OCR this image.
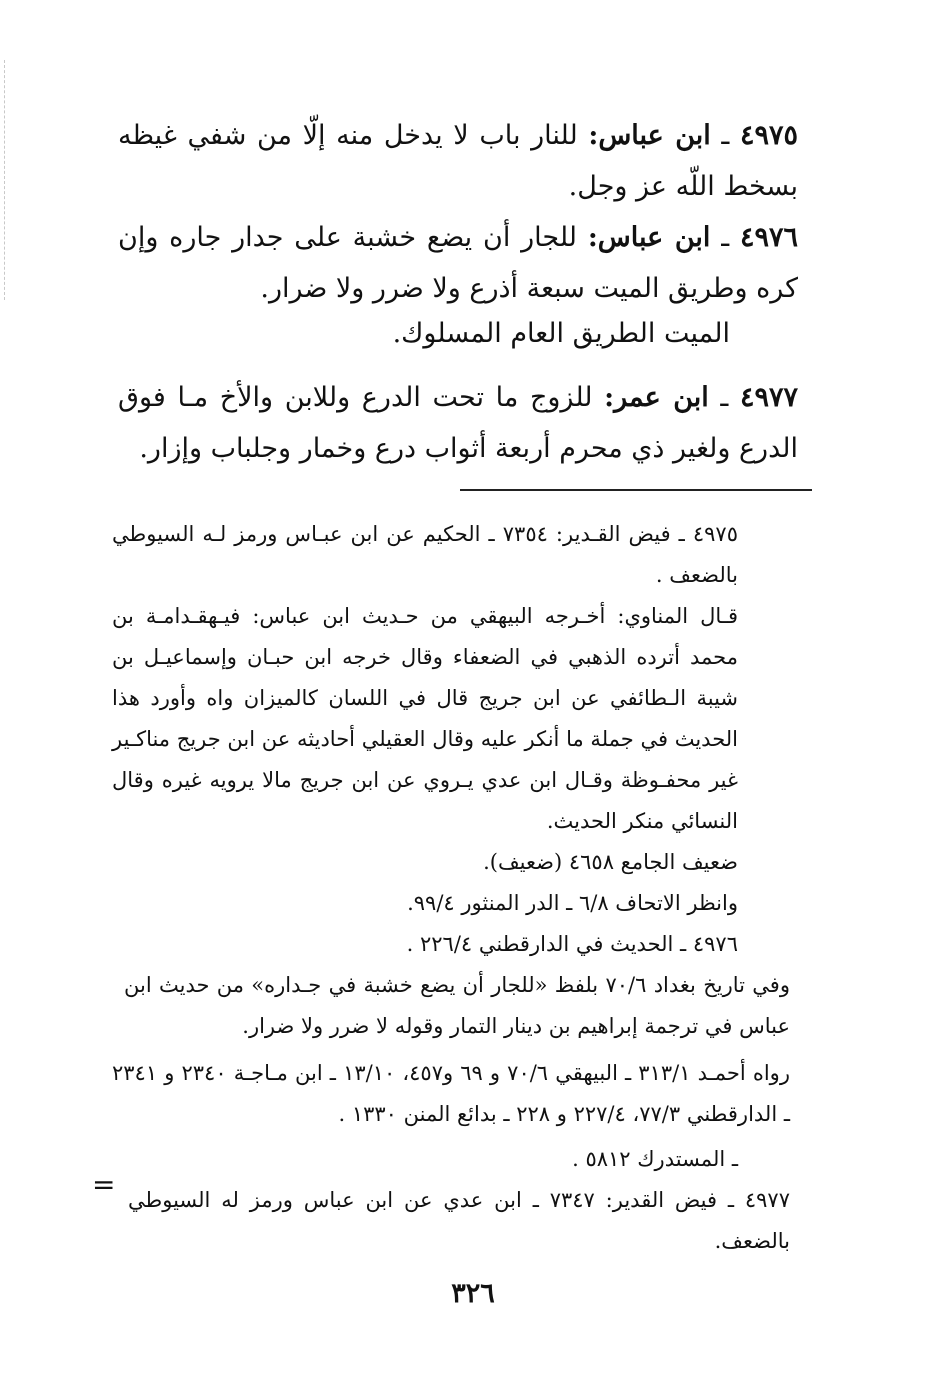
٤٩٧٥ ـ ابن عباس: للنار باب لا يدخل منه إلّا من شفي غيظه بسخط اللّه عز وجل.
٤٩٧٦ ـ ابن عباس: للجار أن يضع خشبة على جدار جاره وإن كره وطريق الميت سبعة أذرع ولا ضرر ولا ضرار.
الميت الطريق العام المسلوك.
٤٩٧٧ ـ ابن عمر: للزوج ما تحت الدرع وللابن والأخ مـا فوق الدرع ولغير ذي محرم أربعة أثواب درع وخمار وجلباب وإزار.
٤٩٧٥ ـ فيض القـدير: ٧٣٥٤ ـ الحكيم عن ابن عبـاس ورمز لـه السيوطي بالضعف .
قـال المناوي: أخـرجه البيهقي من حـديث ابن عباس: فيـهقـدامـة بن محمد أترده الذهبي في الضعفاء وقال خرجه ابن حبـان وإسماعيـل بن شيبة الـطائفي عن ابن جريج قال في اللسان كالميزان واه وأورد هذا الحديث في جملة ما أنكر عليه وقال العقيلي أحاديثه عن ابن جريج مناكـير غير محفـوظة وقـال ابن عدي يـروي عن ابن جريج مالا يرويه غيره وقال النسائي منكر الحديث.
ضعيف الجامع ٤٦٥٨ (ضعيف).
وانظر الاتحاف ٦/٨ ـ الدر المنثور ٩٩/٤.
٤٩٧٦ ـ الحديث في الدارقطني ٢٢٦/٤ .
وفي تاريخ بغداد ٧٠/٦ بلفظ «للجار أن يضع خشبة في جـداره» من حديث ابن عباس في ترجمة إبراهيم بن دينار التمار وقوله لا ضرر ولا ضرار.
رواه أحمـد ٣١٣/١ ـ البيهقي ٧٠/٦ و ٦٩ و٤٥٧، ١٣/١٠ ـ ابن مـاجـة ٢٣٤٠ و ٢٣٤١ ـ الدارقطني ٧٧/٣، ٢٢٧/٤ و ٢٢٨ ـ بدائع المنن ١٣٣٠ .
ـ المستدرك ٥٨١٢ .
٤٩٧٧ ـ فيض القدير: ٧٣٤٧ ـ ابن عدي عن ابن عباس ورمز له السيوطي بالضعف.
=
٣٢٦
